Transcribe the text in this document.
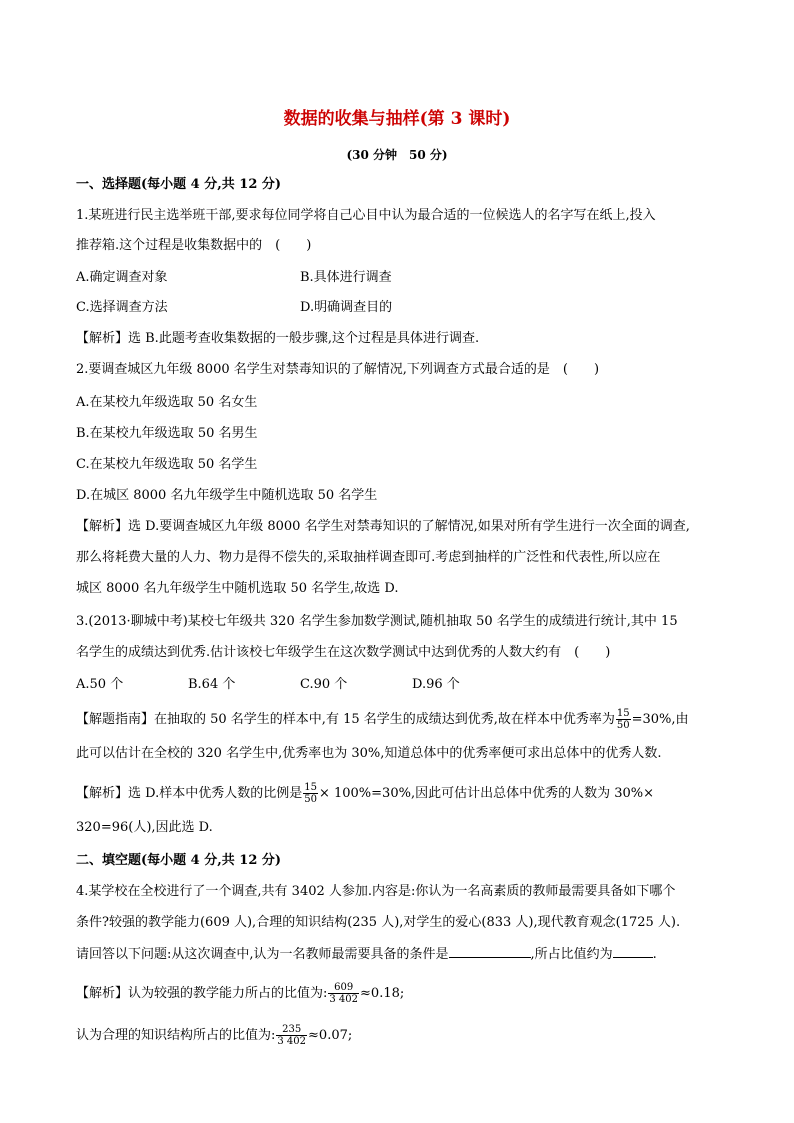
数据的收集与抽样(第 3 课时)
(30 分钟　50 分)
一、选择题(每小题 4 分,共 12 分)
1.某班进行民主选举班干部,要求每位同学将自己心目中认为最合适的一位候选人的名字写在纸上,投入
推荐箱.这个过程是收集数据中的　(　　)
A.确定调查对象	B.具体进行调查
C.选择调查方法	D.明确调查目的
【解析】选 B.此题考查收集数据的一般步骤,这个过程是具体进行调查.
2.要调查城区九年级 8000 名学生对禁毒知识的了解情况,下列调查方式最合适的是　(　　)
A.在某校九年级选取 50 名女生
B.在某校九年级选取 50 名男生
C.在某校九年级选取 50 名学生
D.在城区 8000 名九年级学生中随机选取 50 名学生
【解析】选 D.要调查城区九年级 8000 名学生对禁毒知识的了解情况,如果对所有学生进行一次全面的调查,
那么将耗费大量的人力、物力是得不偿失的,采取抽样调查即可.考虑到抽样的广泛性和代表性,所以应在
城区 8000 名九年级学生中随机选取 50 名学生,故选 D.
3.(2013·聊城中考)某校七年级共 320 名学生参加数学测试,随机抽取 50 名学生的成绩进行统计,其中 15
名学生的成绩达到优秀.估计该校七年级学生在这次数学测试中达到优秀的人数大约有　(　　)
A.50 个	B.64 个	C.90 个	D.96 个
【解题指南】在抽取的 50 名学生的样本中,有 15 名学生的成绩达到优秀,故在样本中优秀率为 $\frac{15}{50} =30\%$,由
此可以估计在全校的 320 名学生中,优秀率也为 30%,知道总体中的优秀率便可求出总体中的优秀人数.
【解析】选 D.样本中优秀人数的比例是 $\frac{15}{50} \times 100\%=30\%$,因此可估计出总体中优秀的人数为 30%×
320=96(人),因此选 D.
二、填空题(每小题 4 分,共 12 分)
4.某学校在全校进行了一个调查,共有 3402 人参加.内容是:你认为一名高素质的教师最需要具备如下哪个
条件?较强的教学能力(609 人),合理的知识结构(235 人),对学生的爱心(833 人),现代教育观念(1725 人).
请回答以下问题:从这次调查中,认为一名教师最需要具备的条件是	,所占比值约为	.
【解析】认为较强的教学能力所占的比值为: $\frac{609}{3 402} \approx 0.18$;
认为合理的知识结构所占的比值为: $\frac{235}{3 402} \approx 0.07$;
